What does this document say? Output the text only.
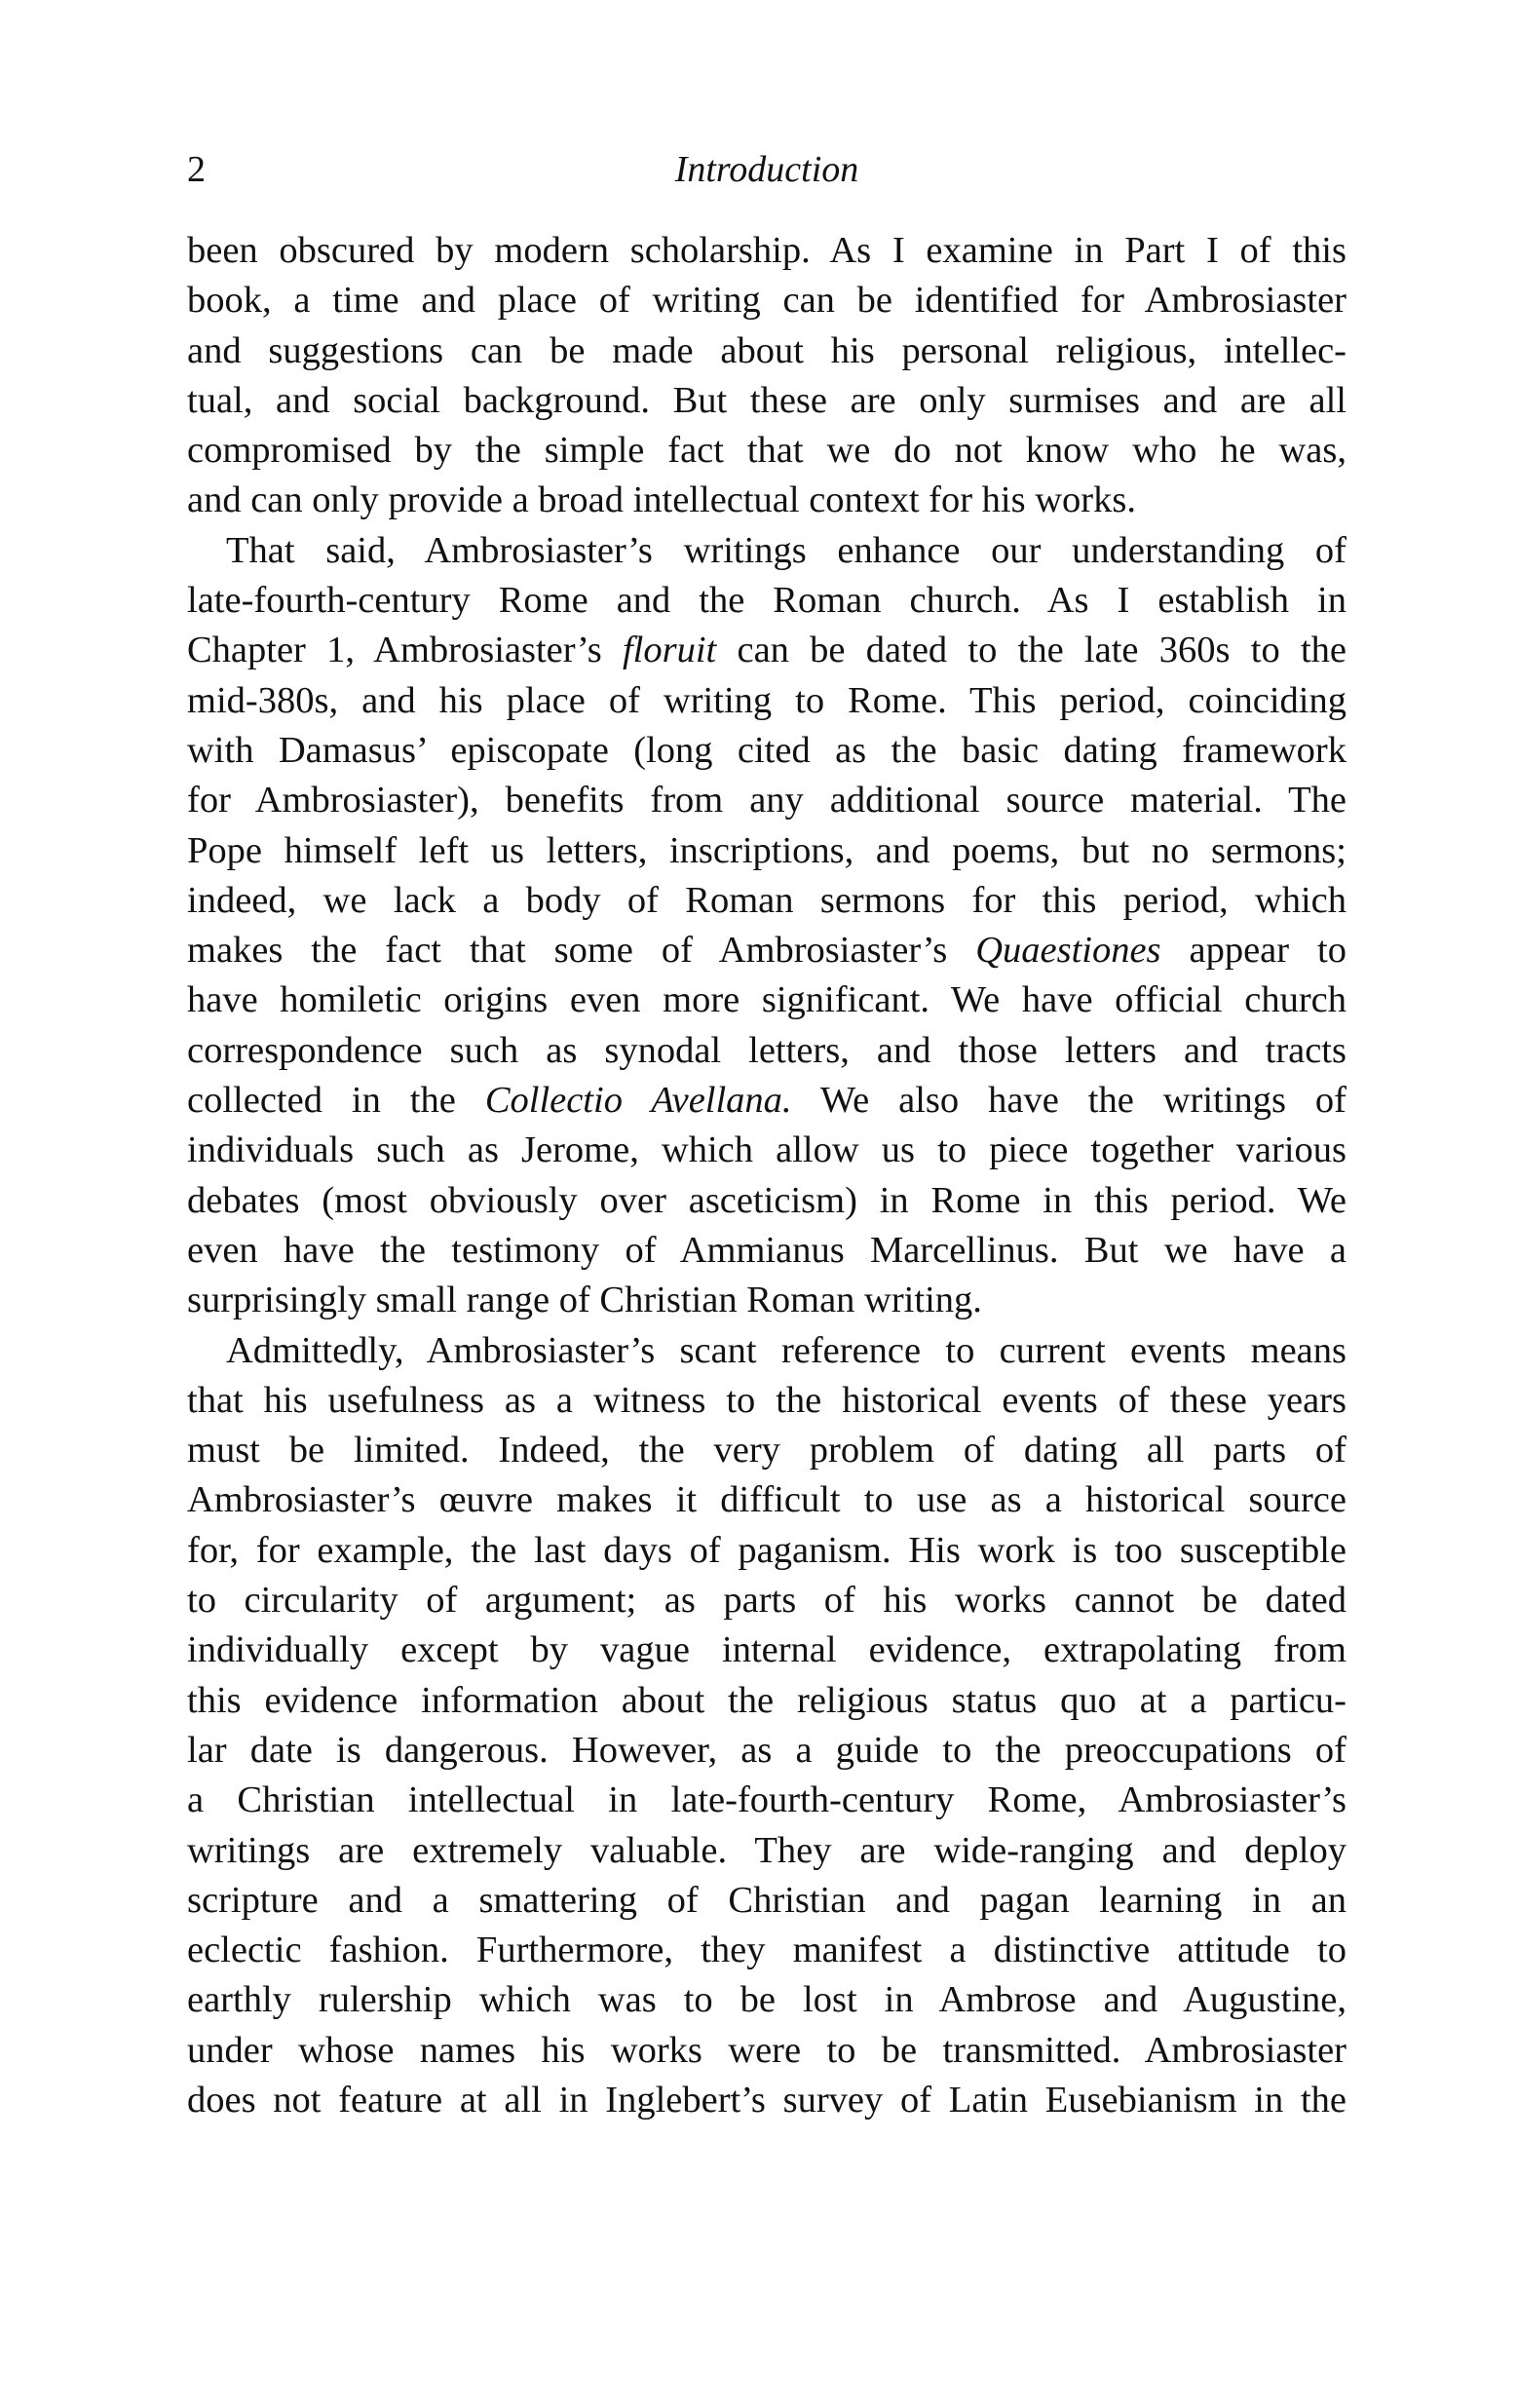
2	Introduction
been obscured by modern scholarship. As I examine in Part I of this
book, a time and place of writing can be identified for Ambrosiaster
and suggestions can be made about his personal religious, intellec-
tual, and social background. But these are only surmises and are all
compromised by the simple fact that we do not know who he was,
and can only provide a broad intellectual context for his works.
That said, Ambrosiaster’s writings enhance our understanding of
late-fourth-century Rome and the Roman church. As I establish in
Chapter 1, Ambrosiaster’s floruit can be dated to the late 360s to the
mid-380s, and his place of writing to Rome. This period, coinciding
with Damasus’ episcopate (long cited as the basic dating framework
for Ambrosiaster), benefits from any additional source material. The
Pope himself left us letters, inscriptions, and poems, but no sermons;
indeed, we lack a body of Roman sermons for this period, which
makes the fact that some of Ambrosiaster’s Quaestiones appear to
have homiletic origins even more significant. We have official church
correspondence such as synodal letters, and those letters and tracts
collected in the Collectio Avellana. We also have the writings of
individuals such as Jerome, which allow us to piece together various
debates (most obviously over asceticism) in Rome in this period. We
even have the testimony of Ammianus Marcellinus. But we have a
surprisingly small range of Christian Roman writing.
Admittedly, Ambrosiaster’s scant reference to current events means
that his usefulness as a witness to the historical events of these years
must be limited. Indeed, the very problem of dating all parts of
Ambrosiaster’s œuvre makes it difficult to use as a historical source
for, for example, the last days of paganism. His work is too susceptible
to circularity of argument; as parts of his works cannot be dated
individually except by vague internal evidence, extrapolating from
this evidence information about the religious status quo at a particu-
lar date is dangerous. However, as a guide to the preoccupations of
a Christian intellectual in late-fourth-century Rome, Ambrosiaster’s
writings are extremely valuable. They are wide-ranging and deploy
scripture and a smattering of Christian and pagan learning in an
eclectic fashion. Furthermore, they manifest a distinctive attitude to
earthly rulership which was to be lost in Ambrose and Augustine,
under whose names his works were to be transmitted. Ambrosiaster
does not feature at all in Inglebert’s survey of Latin Eusebianism in the
